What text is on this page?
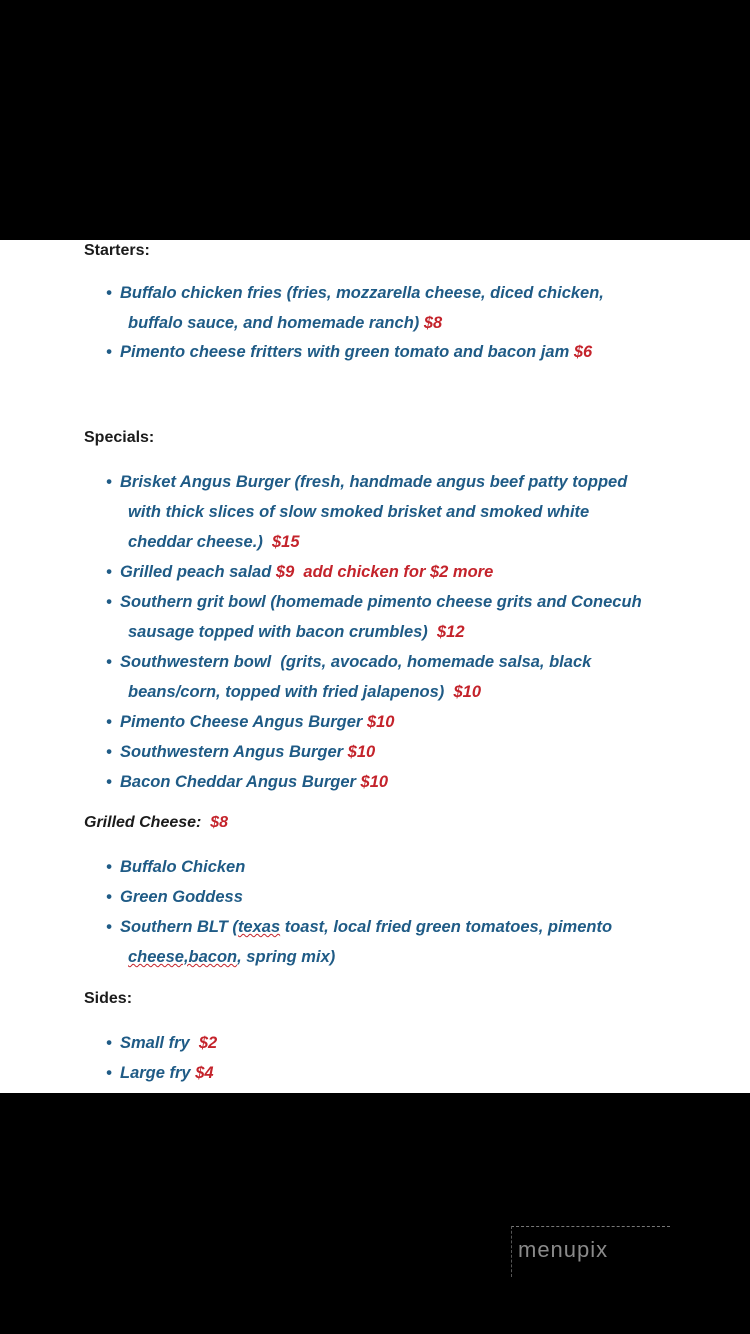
Starters:
• Buffalo chicken fries (fries, mozzarella cheese, diced chicken,
buffalo sauce, and homemade ranch) $8
• Pimento cheese fritters with green tomato and bacon jam $6
Specials:
• Brisket Angus Burger (fresh, handmade angus beef patty topped
with thick slices of slow smoked brisket and smoked white
cheddar cheese.) $15
• Grilled peach salad $9  add chicken for $2 more
• Southern grit bowl (homemade pimento cheese grits and Conecuh
sausage topped with bacon crumbles) $12
• Southwestern bowl  (grits, avocado, homemade salsa, black
beans/corn, topped with fried jalapenos) $10
• Pimento Cheese Angus Burger $10
• Southwestern Angus Burger $10
• Bacon Cheddar Angus Burger $10
Grilled Cheese: $8
• Buffalo Chicken
• Green Goddess
• Southern BLT (texas toast, local fried green tomatoes, pimento
cheese,bacon, spring mix)
Sides:
• Small fry $2
• Large fry $4
menupix
